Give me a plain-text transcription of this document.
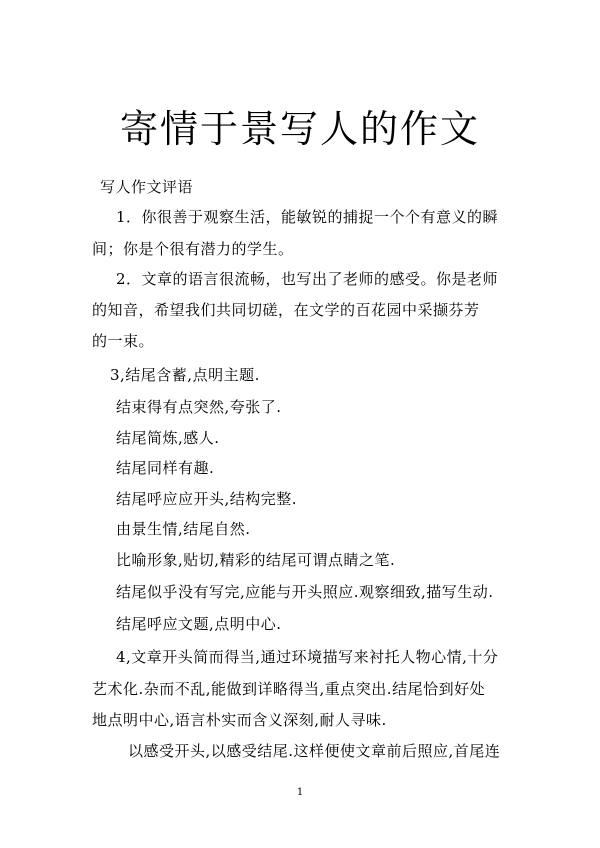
寄情于景写人的作文
写人作文评语
1．你很善于观察生活，能敏锐的捕捉一个个有意义的瞬
间；你是个很有潜力的学生。
2．文章的语言很流畅，也写出了老师的感受。你是老师
的知音，希望我们共同切磋，在文学的百花园中采撷芬芳
的一束。
3,结尾含蓄,点明主题.
结束得有点突然,夸张了.
结尾简炼,感人.
结尾同样有趣.
结尾呼应应开头,结构完整.
由景生情,结尾自然.
比喻形象,贴切,精彩的结尾可谓点睛之笔.
结尾似乎没有写完,应能与开头照应.观察细致,描写生动.
结尾呼应文题,点明中心.
4,文章开头简而得当,通过环境描写来衬托人物心情,十分
艺术化.杂而不乱,能做到详略得当,重点突出.结尾恰到好处
地点明中心,语言朴实而含义深刻,耐人寻味.
以感受开头,以感受结尾.这样便使文章前后照应,首尾连
1
